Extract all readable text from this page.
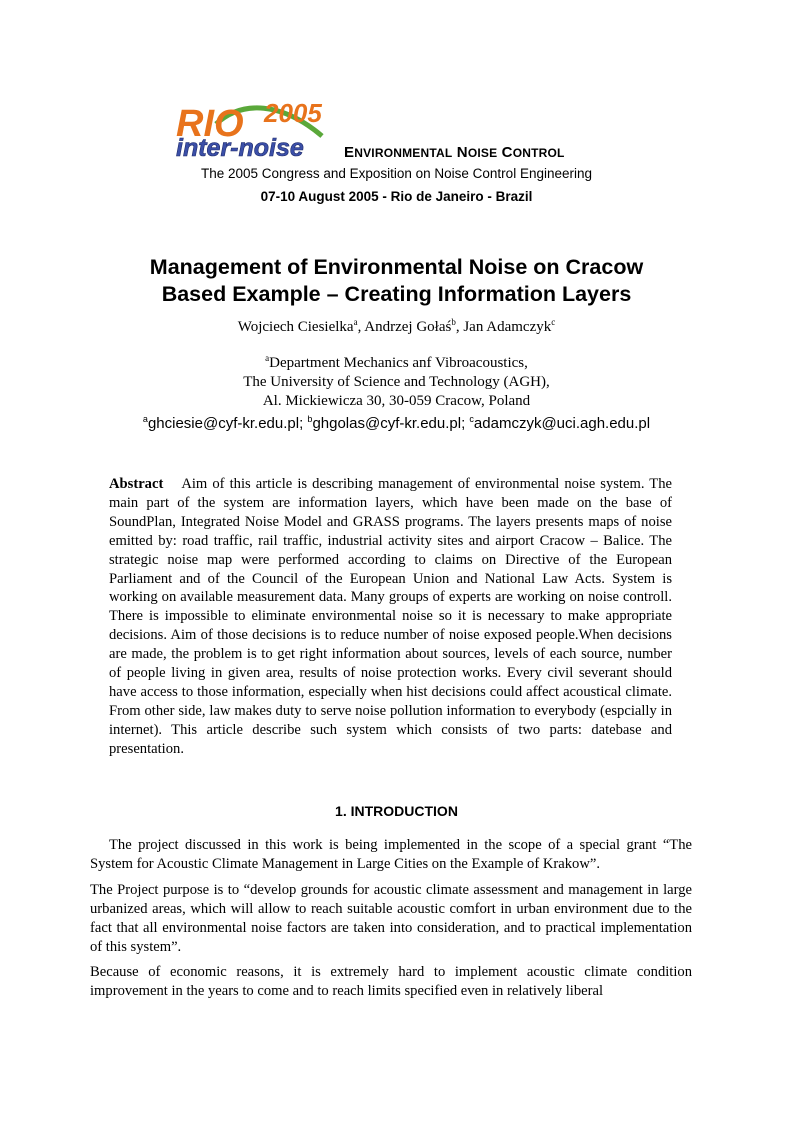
RIO 2005
inter-noise	ENVIRONMENTAL NOISE CONTROL
The 2005 Congress and Exposition on Noise Control Engineering
07-10 August 2005 - Rio de Janeiro - Brazil
Management of Environmental Noise on Cracow
Based Example – Creating Information Layers
Wojciech Ciesielka$^a$, Andrzej Gołaś$^b$, Jan Adamczyk$^c$
$^a$Department Mechanics anf Vibroacoustics,
The University of Science and Technology (AGH),
Al. Mickiewicza 30, 30-059 Cracow, Poland
$^a$ghciesie@cyf-kr.edu.pl; $^b$ghgolas@cyf-kr.edu.pl; $^c$adamczyk@uci.agh.edu.pl
Abstract Aim of this article is describing management of environmental noise system. The main part of the system are information layers, which have been made on the base of SoundPlan, Integrated Noise Model and GRASS programs. The layers presents maps of noise emitted by: road traffic, rail traffic, industrial activity sites and airport Cracow – Balice. The strategic noise map were performed according to claims on Directive of the European Parliament and of the Council of the European Union and National Law Acts. System is working on available measurement data. Many groups of experts are working on noise controll. There is impossible to eliminate environmental noise so it is necessary to make appropriate decisions. Aim of those decisions is to reduce number of noise exposed people.When decisions are made, the problem is to get right information about sources, levels of each source, number of people living in given area, results of noise protection works. Every civil severant should have access to those information, especially when hist decisions could affect acoustical climate. From other side, law makes duty to serve noise pollution information to everybody (espcially in internet). This article describe such system which consists of two parts: datebase and presentation.
1. INTRODUCTION

The project discussed in this work is being implemented in the scope of a special grant “The System for Acoustic Climate Management in Large Cities on the Example of Krakow”.

The Project purpose is to “develop grounds for acoustic climate assessment and management in large urbanized areas, which will allow to reach suitable acoustic comfort in urban environment due to the fact that all environmental noise factors are taken into consideration, and to practical implementation of this system”.

Because of economic reasons, it is extremely hard to implement acoustic climate condition improvement in the years to come and to reach limits specified even in relatively liberal
